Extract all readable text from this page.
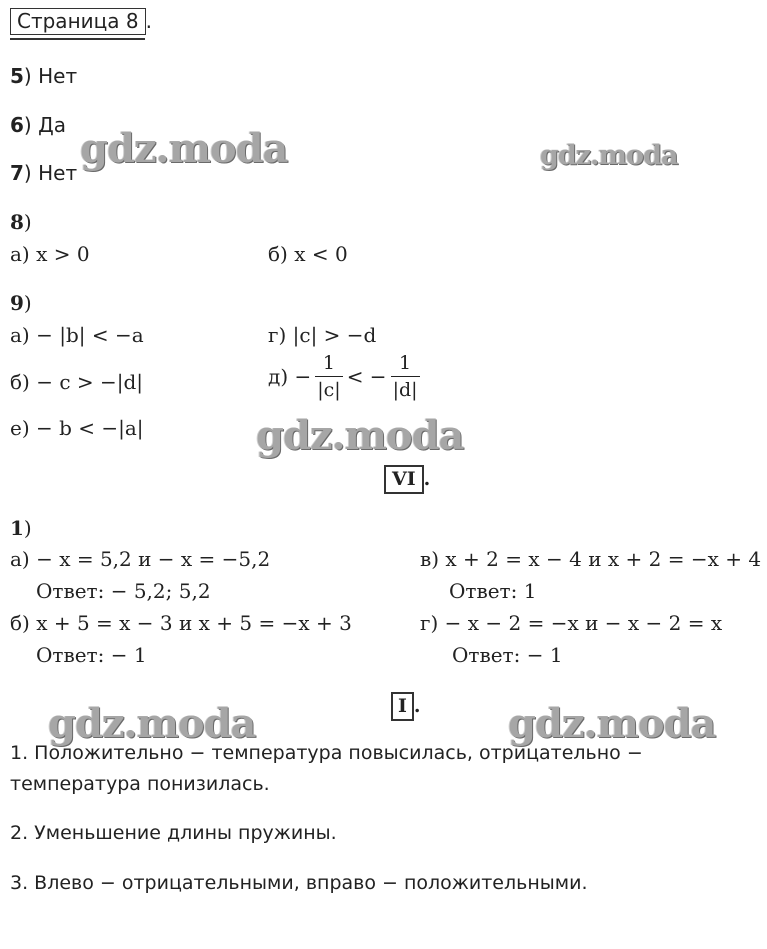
Страница 8 .
gdz.moda	gdz.moda
gdz.moda
gdz.moda	gdz.moda
5) Нет
6) Да
7) Нет
8)
а) x > 0	б) x < 0
9)
а) − |b| < −a	г) |c| > −d
б) − c > −|d|	$д) - \frac{1}{|c|}$ < − $\frac{1}{|d|}$
е) − b < −|a|
VI .
1)
а) − x = 5,2 и − x = −5,2
Ответ: − 5,2; 5,2
в) x + 2 = x − 4 и x + 2 = −x + 4
Ответ: 1
б) x + 5 = x − 3 и x + 5 = −x + 3
Ответ: − 1
г) − x − 2 = −x и − x − 2 = x
Ответ: − 1
I .
1. Положительно − температура повысилась, отрицательно −
температура понизилась.
2. Уменьшение длины пружины.
3. Влево − отрицательными, вправо − положительными.
